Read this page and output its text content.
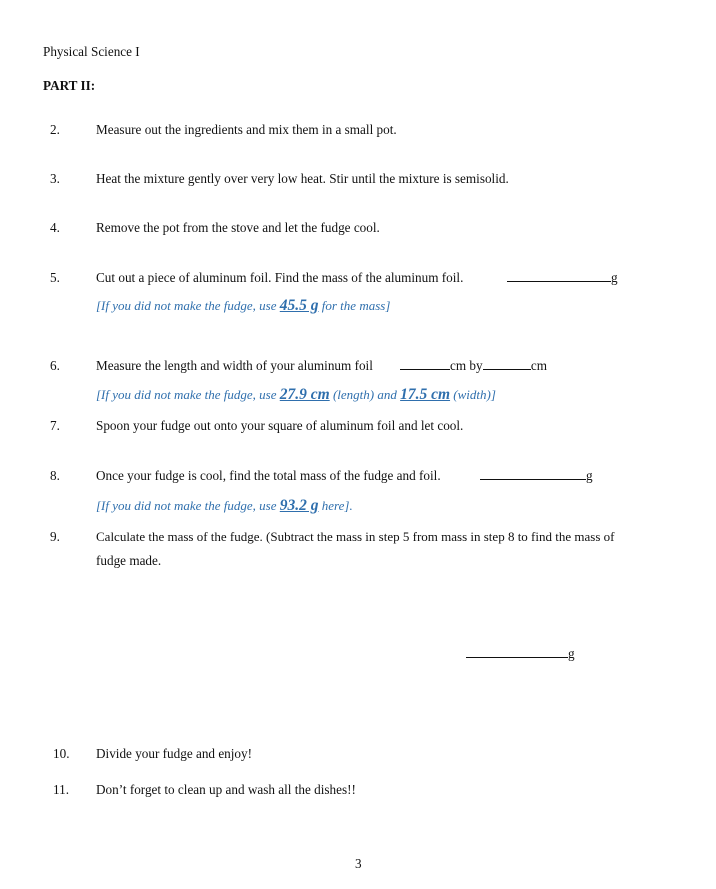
Physical Science I
PART II:
2.	Measure out the ingredients and mix them in a small pot.
3.	Heat the mixture gently over very low heat. Stir until the mixture is semisolid.
4.	Remove the pot from the stove and let the fudge cool.
5.	Cut out a piece of aluminum foil. Find the mass of the aluminum foil.	g
[If you did not make the fudge, use 45.5 g for the mass]
6.	Measure the length and width of your aluminum foil	cm by	cm
[If you did not make the fudge, use 27.9 cm (length) and 17.5 cm (width)]
7.	Spoon your fudge out onto your square of aluminum foil and let cool.
8.	Once your fudge is cool, find the total mass of the fudge and foil.	g
[If you did not make the fudge, use 93.2 g here].
9.	Calculate the mass of the fudge. (Subtract the mass in step 5 from mass in step 8 to find the mass of
fudge made.
g
10. Divide your fudge and enjoy!
11. Don’t forget to clean up and wash all the dishes!!
3
